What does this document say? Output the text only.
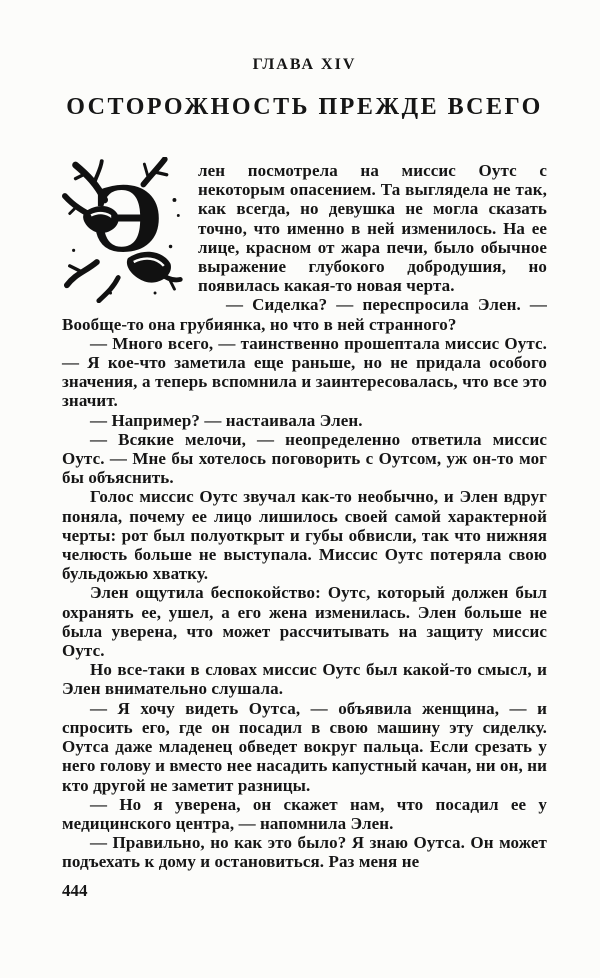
ГЛАВА XIV
ОСТОРОЖНОСТЬ ПРЕЖДЕ ВСЕГО
Э	лен посмотрела на миссис Оутс с некоторым опасением. Та выглядела не так, как всегда, но девушка не могла сказать точно, что именно в ней изменилось. На ее лице, красном от жара печи, было обычное выражение глубокого добродушия, но появилась какая-то новая черта.

— Сиделка? — переспросила Элен. — Вообще-то она грубиянка, но что в ней странного?

— Много всего, — таинственно прошептала миссис Оутс. — Я кое-что заметила еще раньше, но не придала особого значения, а теперь вспомнила и заинтересовалась, что все это значит.

— Например? — настаивала Элен.

— Всякие мелочи, — неопределенно ответила миссис Оутс. — Мне бы хотелось поговорить с Оутсом, уж он-то мог бы объяснить.

Голос миссис Оутс звучал как-то необычно, и Элен вдруг поняла, почему ее лицо лишилось своей самой характерной черты: рот был полуоткрыт и губы обвисли, так что нижняя челюсть больше не выступала. Миссис Оутс потеряла свою бульдожью хватку.

Элен ощутила беспокойство: Оутс, который должен был охранять ее, ушел, а его жена изменилась. Элен больше не была уверена, что может рассчитывать на защиту миссис Оутс.

Но все-таки в словах миссис Оутс был какой-то смысл, и Элен внимательно слушала.

— Я хочу видеть Оутса, — объявила женщина, — и спросить его, где он посадил в свою машину эту сиделку. Оутса даже младенец обведет вокруг пальца. Если срезать у него голову и вместо нее насадить капустный качан, ни он, ни кто другой не заметит разницы.

— Но я уверена, он скажет нам, что посадил ее у медицинского центра, — напомнила Элен.

— Правильно, но как это было? Я знаю Оутса. Он может подъехать к дому и остановиться. Раз меня не

444
